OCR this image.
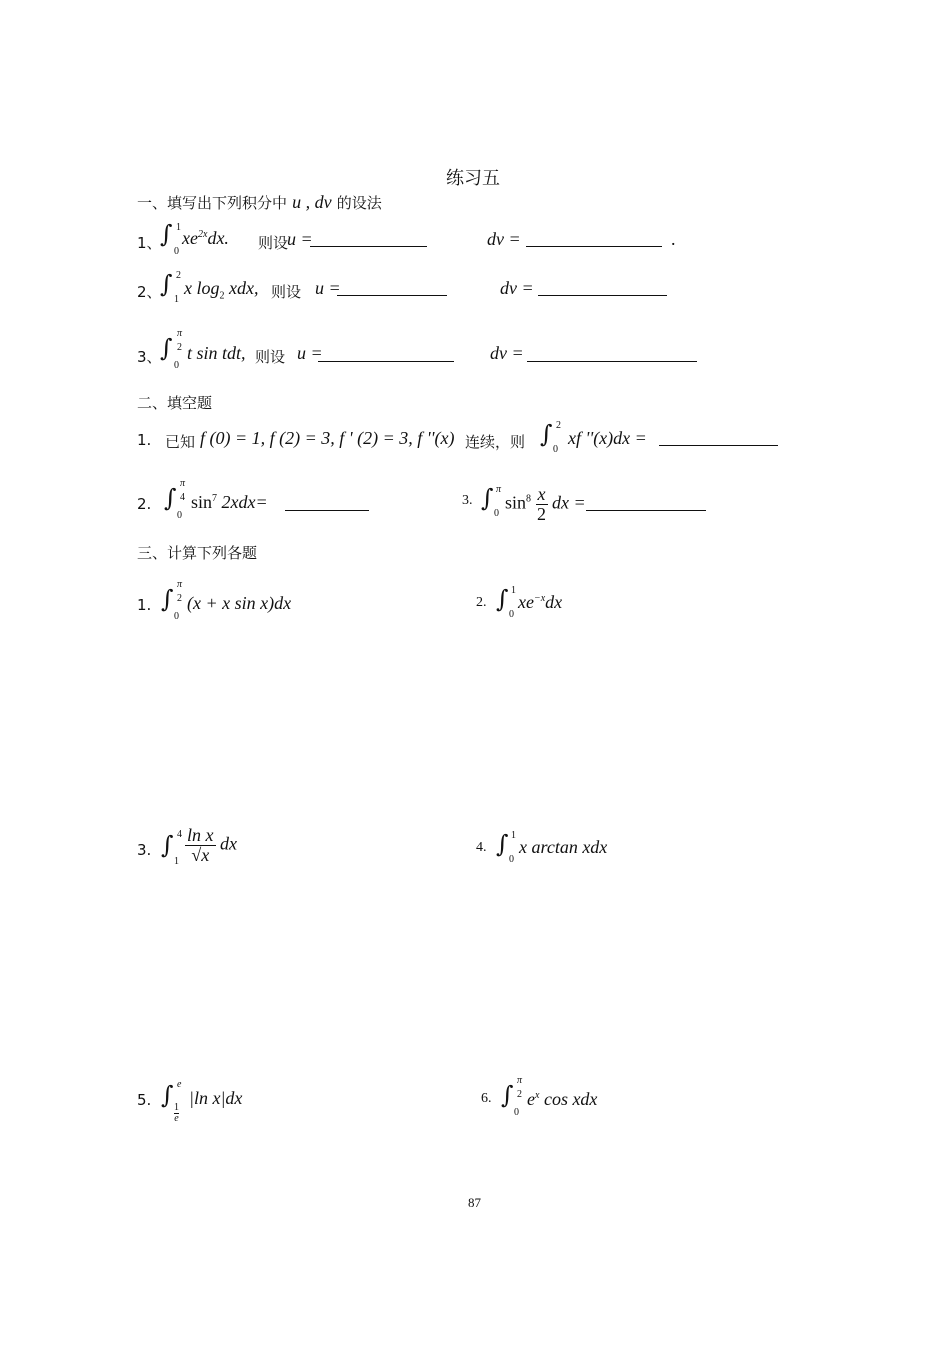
练习五
一、填写出下列积分中 u , dv 的设法
1、
∫ 1
0
$xe^{2x}dx$. 则设
u =	dv =	.
2、
∫ 2
1
x $\log_2$ xdx, 则设 u =	dv =
3、
∫
π
2
0
t sin tdt, 则设 u =	dv =
二、填空题
1. 已知 f (0) = 1, f (2) = 3, f ' (2) = 3, f ''(x) 连续，则 ∫ 2
0
xf ''(x)dx =
2. ∫
π
4
0
$\sin^7 2xdx=$	3. ∫ π
0
$\sin^8 \frac{x}{2}$ dx =
三、计算下列各题
1. ∫
π
2
0
(x + x sin x)dx	2. ∫ 1
0
$xe^{-x}dx$
3. ∫ 4
$1 \frac{\text{ln x}}{√x}$ dx	4. ∫ 1
0
x arctan xdx
5. ∫ e
1
e
|ln x|dx	6. ∫
π
2
0
$e^x$ cos xdx
87
